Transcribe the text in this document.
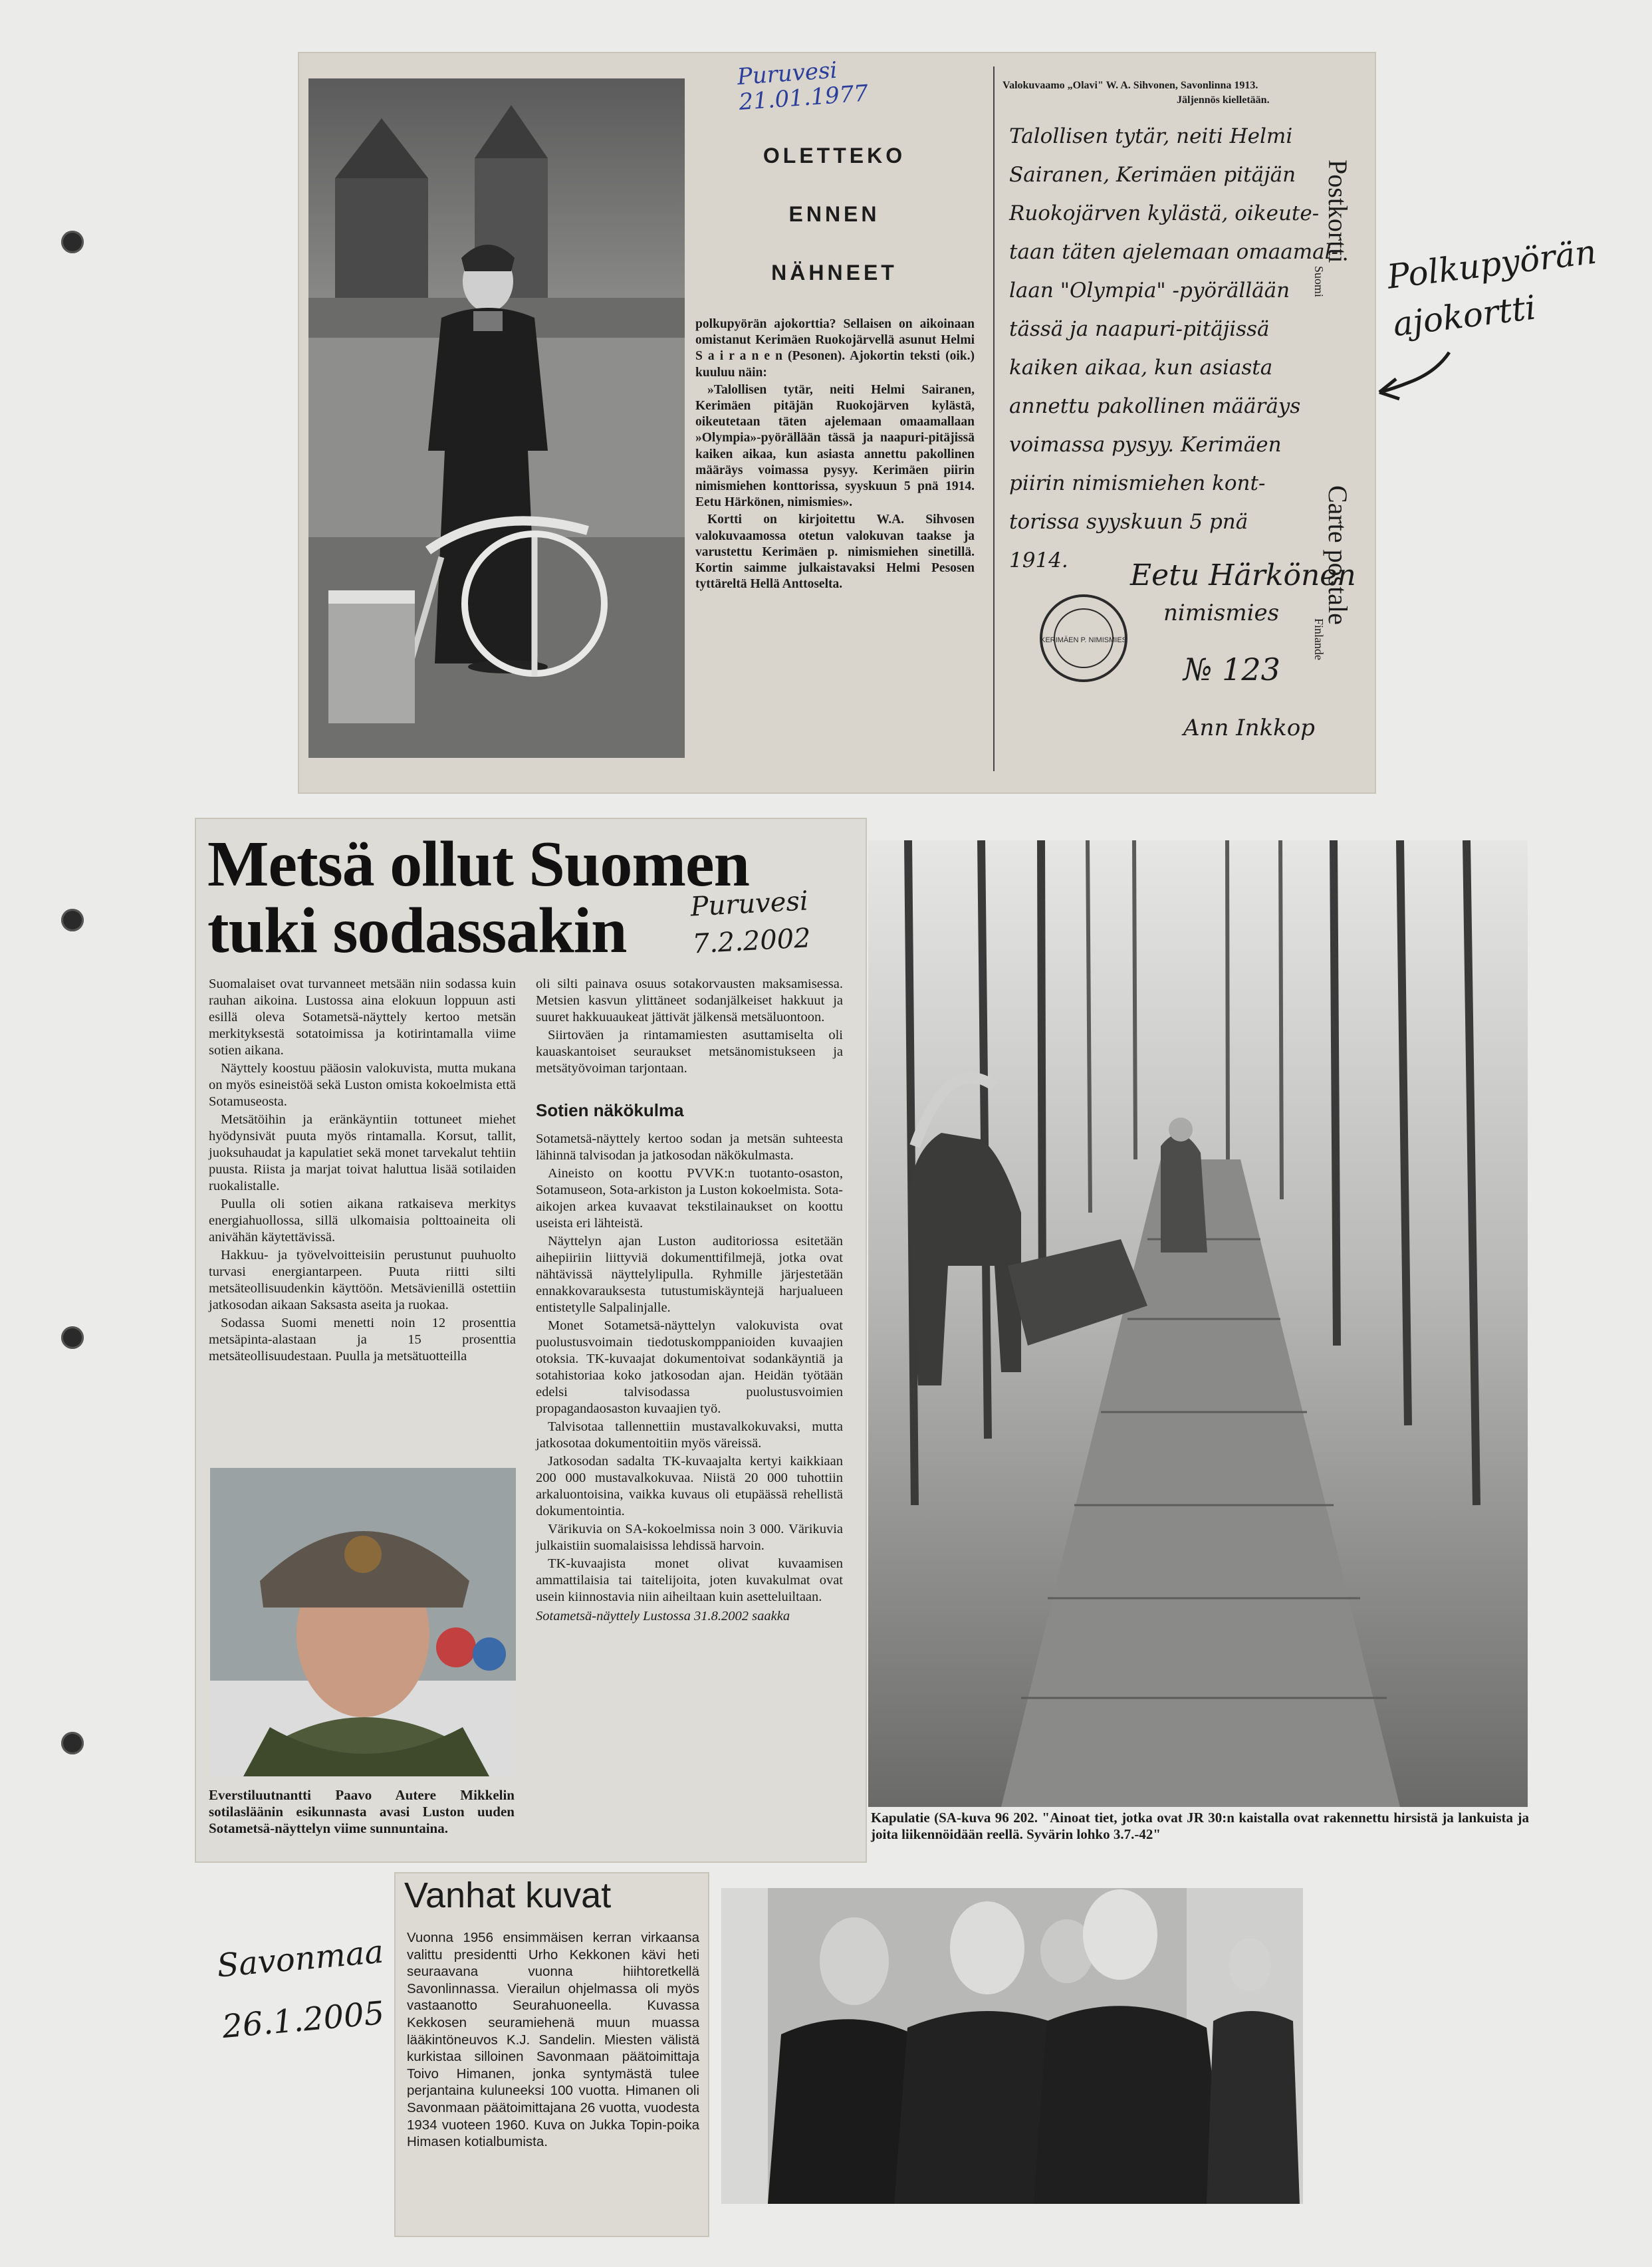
Puruvesi
21.01.1977
OLETTEKO
ENNEN
NÄHNEET

polkupyörän ajokorttia? Sellaisen on aikoinaan omistanut Kerimäen Ruokojärvellä asunut Helmi S a i r a n e n (Pesonen). Ajokortin teksti (oik.) kuuluu näin:

»Talollisen tytär, neiti Helmi Sairanen, Kerimäen pitäjän Ruokojärven kylästä, oikeutetaan täten ajelemaan omaamallaan »Olympia»-pyörällään tässä ja naapuri-pitäjissä kaiken aikaa, kun asiasta annettu pakollinen määräys voimassa pysyy. Kerimäen piirin nimismiehen konttorissa, syyskuun 5 pnä 1914. Eetu Härkönen, nimismies».

Kortti on kirjoitettu W.A. Sihvosen valokuvaamossa otetun valokuvan taakse ja varustettu Kerimäen p. nimismiehen sinetillä. Kortin saimme julkaistavaksi Helmi Pesosen tyttäreltä Hellä Anttoselta.

Valokuvaamo „Olavi" W. A. Sihvonen, Savonlinna 1913.
Jäljennös kielletään.
Postkortti
Suomi
Carte postale
Finlande
Talollisen tytär, neiti Helmi
Sairanen, Kerimäen pitäjän
Ruokojärven kylästä, oikeute-
taan täten ajelemaan omaamal-
laan "Olympia" -pyörällään
tässä ja naapuri-pitäjissä
kaiken aikaa, kun asiasta
annettu pakollinen määräys
voimassa pysyy. Kerimäen
piirin nimismiehen kont-
torissa syyskuun 5 pnä
1914.	Eetu Härkönen
nimismies
KERIMÄEN P. NIMISMIES
№ 123
Ann Inkkop
Polkupyörän
ajokortti
Metsä ollut Suomen
tuki sodassakin	Puruvesi
7.2.2002

Suomalaiset ovat turvanneet metsään niin sodassa kuin rauhan aikoina. Lustossa aina elokuun loppuun asti esillä oleva Sotametsä-näyttely kertoo metsän merkityksestä sotatoimissa ja kotirintamalla viime sotien aikana.

Näyttely koostuu pääosin valokuvista, mutta mukana on myös esineistöä sekä Luston omista kokoelmista että Sotamuseosta.

Metsätöihin ja eränkäyntiin tottuneet miehet hyödynsivät puuta myös rintamalla. Korsut, tallit, juoksuhaudat ja kapulatiet sekä monet tarvekalut tehtiin puusta. Riista ja marjat toivat haluttua lisää sotilaiden ruokalistalle.

Puulla oli sotien aikana ratkaiseva merkitys energiahuollossa, sillä ulkomaisia polttoaineita oli anivähän käytettävissä.

Hakkuu- ja työvelvoitteisiin perustunut puuhuolto turvasi energiantarpeen. Puuta riitti silti metsäteollisuudenkin käyttöön. Metsävienillä ostettiin jatkosodan aikaan Saksasta aseita ja ruokaa.

Sodassa Suomi menetti noin 12 prosenttia metsäpinta-alastaan ja 15 prosenttia metsäteollisuudestaan. Puulla ja metsätuotteilla

oli silti painava osuus sotakorvausten maksamisessa. Metsien kasvun ylittäneet sodanjälkeiset hakkuut ja suuret hakkuuaukeat jättivät jälkensä metsäluontoon.

Siirtoväen ja rintamamiesten asuttamiselta oli kauaskantoiset seuraukset metsänomistukseen ja metsätyövoiman tarjontaan.

Sotien näkökulma

Sotametsä-näyttely kertoo sodan ja metsän suhteesta lähinnä talvisodan ja jatkosodan näkökulmasta.

Aineisto on koottu PVVK:n tuotanto-osaston, Sotamuseon, Sota-arkiston ja Luston kokoelmista. Sota-aikojen arkea kuvaavat tekstilainaukset on koottu useista eri lähteistä.

Näyttelyn ajan Luston auditoriossa esitetään aihepiiriin liittyviä dokumenttifilmejä, jotka ovat nähtävissä näyttelylipulla. Ryhmille järjestetään ennakkovarauksesta tutustumiskäyntejä harjualueen entistetylle Salpalinjalle.

Monet Sotametsä-näyttelyn valokuvista ovat puolustusvoimain tiedotuskomppanioiden kuvaajien otoksia. TK-kuvaajat dokumentoivat sodankäyntiä ja sotahistoriaa koko jatkosodan ajan. Heidän työtään edelsi talvisodassa puolustusvoimien propagandaosaston kuvaajien työ.

Talvisotaa tallennettiin mustavalkokuvaksi, mutta jatkosotaa dokumentoitiin myös väreissä.

Jatkosodan sadalta TK-kuvaajalta kertyi kaikkiaan 200 000 mustavalkokuvaa. Niistä 20 000 tuhottiin arkaluontoisina, vaikka kuvaus oli etupäässä rehellistä dokumentointia.

Värikuvia on SA-kokoelmissa noin 3 000. Värikuvia julkaistiin suomalaisissa lehdissä harvoin.

TK-kuvaajista monet olivat kuvaamisen ammattilaisia tai taitelijoita, joten kuvakulmat ovat usein kiinnostavia niin aiheiltaan kuin asetteluiltaan.

Sotametsä-näyttely Lustossa 31.8.2002 saakka
Everstiluutnantti Paavo Autere Mikkelin sotilasläänin esikunnasta avasi Luston uuden Sotametsä-näyttelyn viime sunnuntaina.
Kapulatie (SA-kuva 96 202. "Ainoat tiet, jotka ovat JR 30:n kaistalla ovat rakennettu hirsistä ja lankuista ja joita liikennöidään reellä. Syvärin lohko 3.7.-42"
Vanhat kuvat
Vuonna 1956 ensimmäisen kerran virkaansa valittu presidentti Urho Kekkonen kävi heti seuraavana vuonna hiihtoretkellä Savonlinnassa. Vierailun ohjelmassa oli myös vastaanotto Seurahuoneella. Kuvassa Kekkosen seuramiehenä muun muassa lääkintöneuvos K.J. Sandelin. Miesten välistä kurkistaa silloinen Savonmaan päätoimittaja Toivo Himanen, jonka syntymästä tulee perjantaina kuluneeksi 100 vuotta. Himanen oli Savonmaan päätoimittajana 26 vuotta, vuodesta 1934 vuoteen 1960. Kuva on Jukka Topin-poika Himasen kotialbumista.
Savonmaa
26.1.2005
